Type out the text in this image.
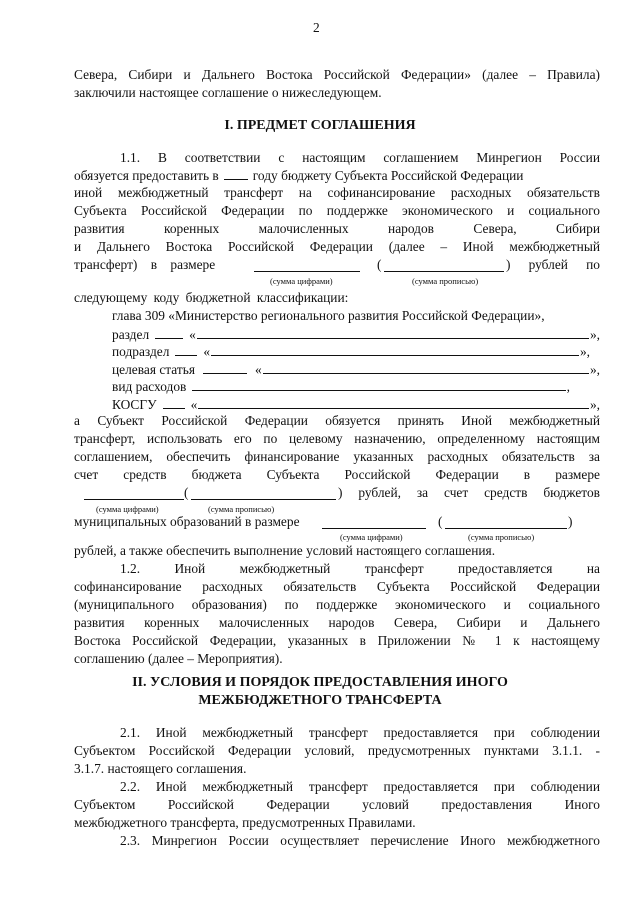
2
Севера, Сибири и Дальнего Востока Российской Федерации» (далее – Правила)
заключили настоящее соглашение о нижеследующем.
I. ПРЕДМЕТ СОГЛАШЕНИЯ
1.1. В соответствии с настоящим соглашением Минрегион России
обязуется предоставить в	году бюджету Субъекта Российской Федерации
иной межбюджетный трансферт на софинансирование расходных обязательств
Субъекта Российской Федерации по поддержке экономического и социального
развития коренных малочисленных народов Севера, Сибири
и Дальнего Востока Российской Федерации (далее – Иной межбюджетный
трансферт) в размере	(	) рублей по
(сумма цифрами)	(сумма прописью)
следующему коду бюджетной классификации:
глава 309 «Министерство регионального развития Российской Федерации»,
раздел	«	»,
подраздел	«	»,
целевая статья	«	»,
вид расходов	,
КОСГУ	«	»,
а Субъект Российской Федерации обязуется принять Иной межбюджетный
трансферт, использовать его по целевому назначению, определенному настоящим
соглашением, обеспечить финансирование указанных расходных обязательств за
счет средств бюджета Субъекта Российской Федерации в размере
(	) рублей, за счет средств бюджетов
(сумма цифрами)	(сумма прописью)
муниципальных образований в размере	(	)
(сумма цифрами)	(сумма прописью)
рублей, а также обеспечить выполнение условий настоящего соглашения.
1.2. Иной межбюджетный трансферт предоставляется на
софинансирование расходных обязательств Субъекта Российской Федерации
(муниципального образования) по поддержке экономического и социального
развития коренных малочисленных народов Севера, Сибири и Дальнего
Востока Российской Федерации, указанных в Приложении № 1 к настоящему
соглашению (далее – Мероприятия).
II. УСЛОВИЯ И ПОРЯДОК ПРЕДОСТАВЛЕНИЯ ИНОГО
МЕЖБЮДЖЕТНОГО ТРАНСФЕРТА
2.1. Иной межбюджетный трансферт предоставляется при соблюдении
Субъектом Российской Федерации условий, предусмотренных пунктами 3.1.1. -
3.1.7. настоящего соглашения.
2.2. Иной межбюджетный трансферт предоставляется при соблюдении
Субъектом Российской Федерации условий предоставления Иного
межбюджетного трансферта, предусмотренных Правилами.
2.3. Минрегион России осуществляет перечисление Иного межбюджетного
